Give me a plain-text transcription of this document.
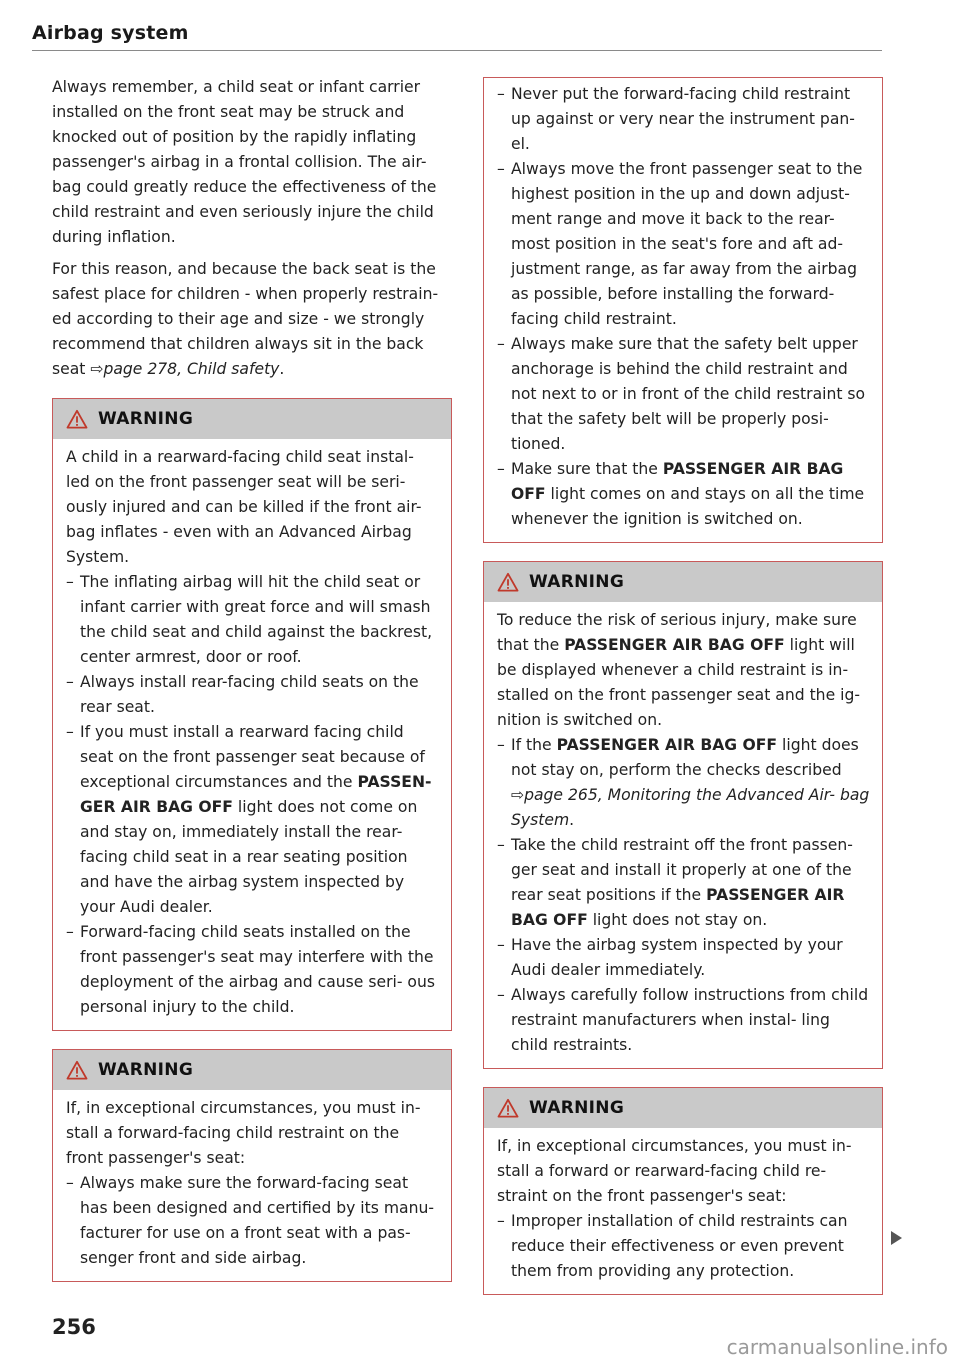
Airbag system

Always remember, a child seat or infant carrier installed on the front seat may be struck and knocked out of position by the rapidly inflating passenger's airbag in a frontal collision. The air- bag could greatly reduce the effectiveness of the child restraint and even seriously injure the child during inflation.

For this reason, and because the back seat is the safest place for children - when properly restrain- ed according to their age and size - we strongly recommend that children always sit in the back seat ⇨page 278, Child safety.

WARNING
A child in a rearward-facing child seat instal- led on the front passenger seat will be seri- ously injured and can be killed if the front air- bag inflates - even with an Advanced Airbag System.
– The inflating airbag will hit the child seat or infant carrier with great force and will smash the child seat and child against the backrest, center armrest, door or roof.
– Always install rear-facing child seats on the rear seat.
– If you must install a rearward facing child seat on the front passenger seat because of exceptional circumstances and the PASSEN- GER AIR BAG OFF light does not come on and stay on, immediately install the rear- facing child seat in a rear seating position and have the airbag system inspected by your Audi dealer.
– Forward-facing child seats installed on the front passenger's seat may interfere with the deployment of the airbag and cause seri- ous personal injury to the child.
WARNING
If, in exceptional circumstances, you must in- stall a forward-facing child restraint on the front passenger's seat:
– Always make sure the forward-facing seat has been designed and certified by its manu- facturer for use on a front seat with a pas- senger front and side airbag.
– Never put the forward-facing child restraint up against or very near the instrument pan- el.
– Always move the front passenger seat to the highest position in the up and down adjust- ment range and move it back to the rear- most position in the seat's fore and aft ad- justment range, as far away from the airbag as possible, before installing the forward- facing child restraint.
– Always make sure that the safety belt upper anchorage is behind the child restraint and not next to or in front of the child restraint so that the safety belt will be properly posi- tioned.
– Make sure that the PASSENGER AIR BAG OFF light comes on and stays on all the time whenever the ignition is switched on.
WARNING
To reduce the risk of serious injury, make sure that the PASSENGER AIR BAG OFF light will be displayed whenever a child restraint is in- stalled on the front passenger seat and the ig- nition is switched on.
– If the PASSENGER AIR BAG OFF light does not stay on, perform the checks described ⇨page 265, Monitoring the Advanced Air- bag System.
– Take the child restraint off the front passen- ger seat and install it properly at one of the rear seat positions if the PASSENGER AIR BAG OFF light does not stay on.
– Have the airbag system inspected by your Audi dealer immediately.
– Always carefully follow instructions from child restraint manufacturers when instal- ling child restraints.
WARNING
If, in exceptional circumstances, you must in- stall a forward or rearward-facing child re- straint on the front passenger's seat:
– Improper installation of child restraints can reduce their effectiveness or even prevent them from providing any protection.
256
carmanualsonline.info
